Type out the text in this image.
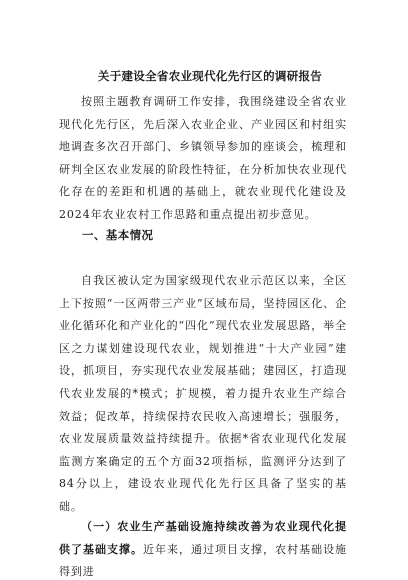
关于建设全省农业现代化先行区的调研报告

按照主题教育调研工作安排，我围绕建设全省农业现代化先行区，先后深入农业企业、产业园区和村组实地调查多次召开部门、乡镇领导参加的座谈会，梳理和研判全区农业发展的阶段性特征，在分析加快农业现代化存在的差距和机遇的基础上，就农业现代化建设及2024年农业农村工作思路和重点提出初步意见。

一、基本情况

自我区被认定为国家级现代农业示范区以来，全区上下按照“一区两带三产业”区域布局，坚持园区化、企业化循环化和产业化的“四化”现代农业发展思路，举全区之力谋划建设现代农业，规划推进“十大产业园”建设，抓项目，夯实现代农业发展基础；建园区，打造现代农业发展的*模式；扩规模，着力提升农业生产综合效益；促改革，持续保持农民收入高速增长；强服务，农业发展质量效益持续提升。依据*省农业现代化发展监测方案确定的五个方面32项指标，监测评分达到了 84分以上，建设农业现代化先行区具备了坚实的基础。

（一）农业生产基础设施持续改善为农业现代化提供了基础支撑。近年来，通过项目支撑，农村基础设施得到进
